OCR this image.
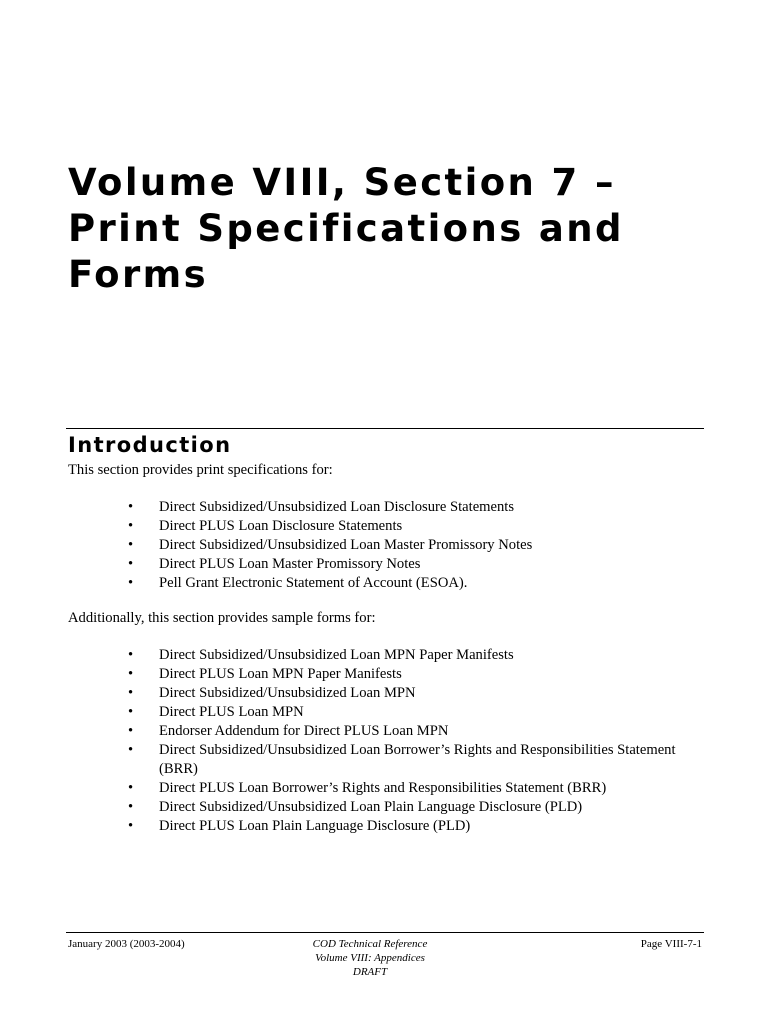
Volume VIII, Section 7 –
Print Specifications and
Forms
Introduction

This section provides print specifications for:

• Direct Subsidized/Unsubsidized Loan Disclosure Statements
• Direct PLUS Loan Disclosure Statements
• Direct Subsidized/Unsubsidized Loan Master Promissory Notes
• Direct PLUS Loan Master Promissory Notes
• Pell Grant Electronic Statement of Account (ESOA).

Additionally, this section provides sample forms for:

• Direct Subsidized/Unsubsidized Loan MPN Paper Manifests
• Direct PLUS Loan MPN Paper Manifests
• Direct Subsidized/Unsubsidized Loan MPN
• Direct PLUS Loan MPN
• Endorser Addendum for Direct PLUS Loan MPN
• Direct Subsidized/Unsubsidized Loan Borrower’s Rights and Responsibilities Statement (BRR)
• Direct PLUS Loan Borrower’s Rights and Responsibilities Statement (BRR)
• Direct Subsidized/Unsubsidized Loan Plain Language Disclosure (PLD)
• Direct PLUS Loan Plain Language Disclosure (PLD)
January 2003 (2003-2004)	COD Technical Reference
Volume VIII: Appendices
DRAFT
Page VIII-7-1
